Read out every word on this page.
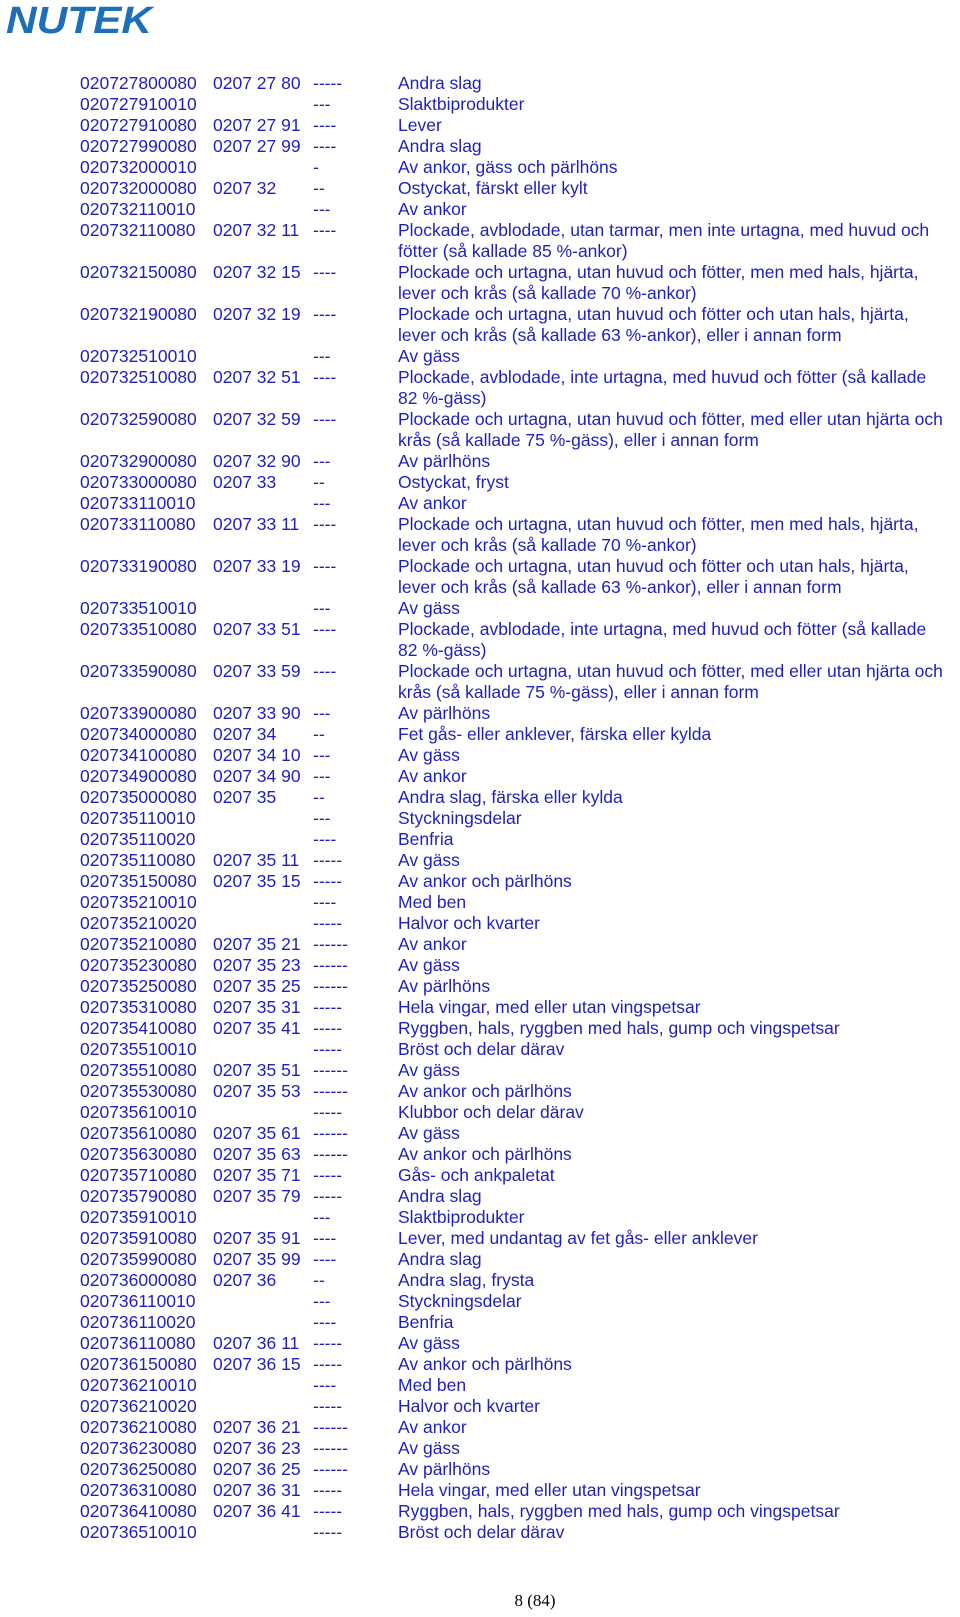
NUTEK
020727800080	0207 27 80	-----	Andra slag
020727910010		---	Slaktbiprodukter
020727910080	0207 27 91	----	Lever
020727990080	0207 27 99	----	Andra slag
020732000010		-	Av ankor, gäss och pärlhöns
020732000080	0207 32	--	Ostyckat, färskt eller kylt
020732110010		---	Av ankor
020732110080	0207 32 11	----	Plockade, avblodade, utan tarmar, men inte urtagna, med huvud och fötter (så kallade 85 %-ankor)
020732150080	0207 32 15	----	Plockade och urtagna, utan huvud och fötter, men med hals, hjärta, lever och krås (så kallade 70 %-ankor)
020732190080	0207 32 19	----	Plockade och urtagna, utan huvud och fötter och utan hals, hjärta, lever och krås (så kallade 63 %-ankor), eller i annan form
020732510010		---	Av gäss
020732510080	0207 32 51	----	Plockade, avblodade, inte urtagna, med huvud och fötter (så kallade 82 %-gäss)
020732590080	0207 32 59	----	Plockade och urtagna, utan huvud och fötter, med eller utan hjärta och krås (så kallade 75 %-gäss), eller i annan form
020732900080	0207 32 90	---	Av pärlhöns
020733000080	0207 33	--	Ostyckat, fryst
020733110010		---	Av ankor
020733110080	0207 33 11	----	Plockade och urtagna, utan huvud och fötter, men med hals, hjärta, lever och krås (så kallade 70 %-ankor)
020733190080	0207 33 19	----	Plockade och urtagna, utan huvud och fötter och utan hals, hjärta, lever och krås (så kallade 63 %-ankor), eller i annan form
020733510010		---	Av gäss
020733510080	0207 33 51	----	Plockade, avblodade, inte urtagna, med huvud och fötter (så kallade 82 %-gäss)
020733590080	0207 33 59	----	Plockade och urtagna, utan huvud och fötter, med eller utan hjärta och krås (så kallade 75 %-gäss), eller i annan form
020733900080	0207 33 90	---	Av pärlhöns
020734000080	0207 34	--	Fet gås- eller anklever, färska eller kylda
020734100080	0207 34 10	---	Av gäss
020734900080	0207 34 90	---	Av ankor
020735000080	0207 35	--	Andra slag, färska eller kylda
020735110010		---	Styckningsdelar
020735110020		----	Benfria
020735110080	0207 35 11	-----	Av gäss
020735150080	0207 35 15	-----	Av ankor och pärlhöns
020735210010		----	Med ben
020735210020		-----	Halvor och kvarter
020735210080	0207 35 21	------	Av ankor
020735230080	0207 35 23	------	Av gäss
020735250080	0207 35 25	------	Av pärlhöns
020735310080	0207 35 31	-----	Hela vingar, med eller utan vingspetsar
020735410080	0207 35 41	-----	Ryggben, hals, ryggben med hals, gump och vingspetsar
020735510010		-----	Bröst och delar därav
020735510080	0207 35 51	------	Av gäss
020735530080	0207 35 53	------	Av ankor och pärlhöns
020735610010		-----	Klubbor och delar därav
020735610080	0207 35 61	------	Av gäss
020735630080	0207 35 63	------	Av ankor och pärlhöns
020735710080	0207 35 71	-----	Gås- och ankpaletat
020735790080	0207 35 79	-----	Andra slag
020735910010		---	Slaktbiprodukter
020735910080	0207 35 91	----	Lever, med undantag av fet gås- eller anklever
020735990080	0207 35 99	----	Andra slag
020736000080	0207 36	--	Andra slag, frysta
020736110010		---	Styckningsdelar
020736110020		----	Benfria
020736110080	0207 36 11	-----	Av gäss
020736150080	0207 36 15	-----	Av ankor och pärlhöns
020736210010		----	Med ben
020736210020		-----	Halvor och kvarter
020736210080	0207 36 21	------	Av ankor
020736230080	0207 36 23	------	Av gäss
020736250080	0207 36 25	------	Av pärlhöns
020736310080	0207 36 31	-----	Hela vingar, med eller utan vingspetsar
020736410080	0207 36 41	-----	Ryggben, hals, ryggben med hals, gump och vingspetsar
020736510010		-----	Bröst och delar därav
8 (84)
